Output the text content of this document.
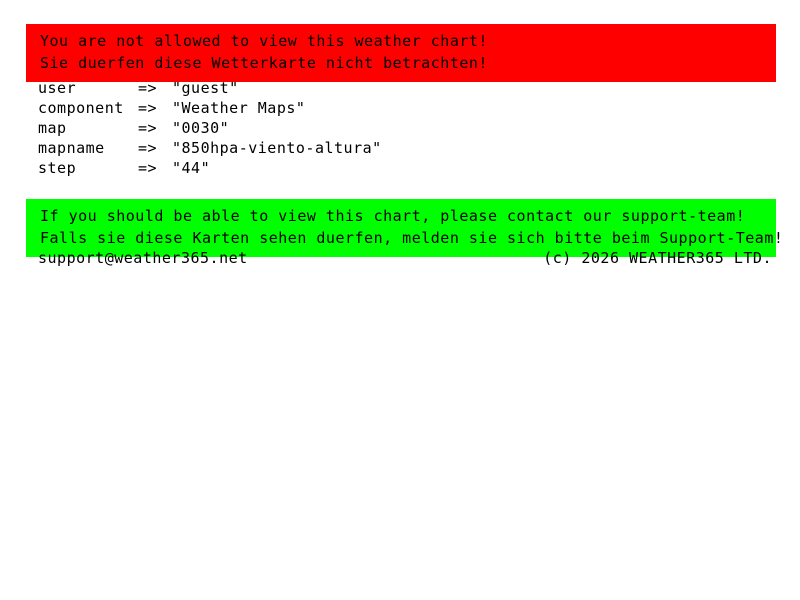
You are not allowed to view this weather chart!
Sie duerfen diese Wetterkarte nicht betrachten!
user	=> "guest"
component => "Weather Maps"
map	=> "0030"
mapname	=> "850hpa-viento-altura"
step	=> "44"
If you should be able to view this chart, please contact our support-team!
Falls sie diese Karten sehen duerfen, melden sie sich bitte beim Support-Team!
support@weather365.net	(c) 2026 WEATHER365 LTD.
